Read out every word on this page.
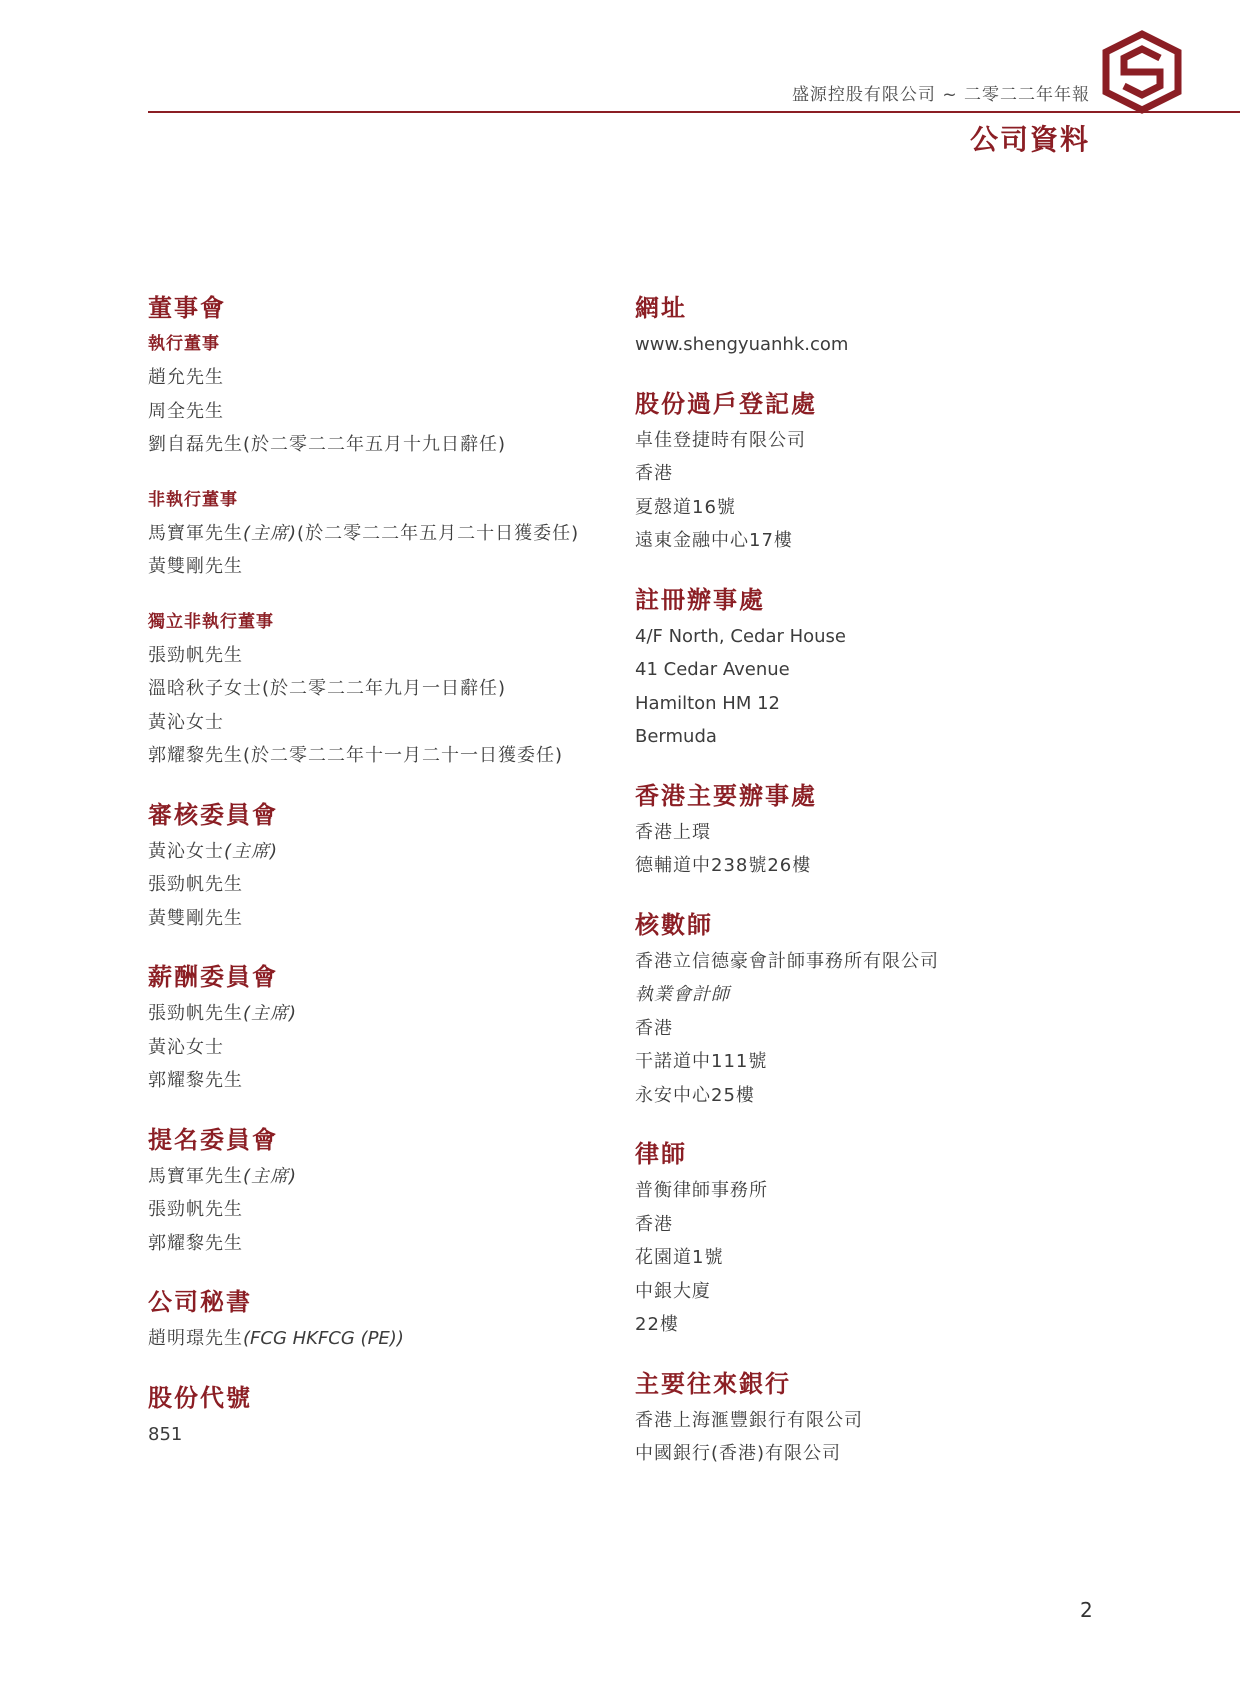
盛源控股有限公司 ~ 二零二二年年報
公司資料
董事會
執行董事
趙允先生
周全先生
劉自磊先生(於二零二二年五月十九日辭任)
非執行董事
馬寶軍先生(主席)(於二零二二年五月二十日獲委任)
黃雙剛先生
獨立非執行董事
張勁帆先生
溫晗秋子女士(於二零二二年九月一日辭任)
黃沁女士
郭耀黎先生(於二零二二年十一月二十一日獲委任)
審核委員會
黃沁女士(主席)
張勁帆先生
黃雙剛先生
薪酬委員會
張勁帆先生(主席)
黃沁女士
郭耀黎先生
提名委員會
馬寶軍先生(主席)
張勁帆先生
郭耀黎先生
公司秘書
趙明璟先生(FCG HKFCG (PE))
股份代號
851
網址
www.shengyuanhk.com
股份過戶登記處
卓佳登捷時有限公司
香港
夏慤道16號
遠東金融中心17樓
註冊辦事處
4/F North, Cedar House
41 Cedar Avenue
Hamilton HM 12
Bermuda
香港主要辦事處
香港上環
德輔道中238號26樓
核數師
香港立信德豪會計師事務所有限公司
執業會計師
香港
干諾道中111號
永安中心25樓
律師
普衡律師事務所
香港
花園道1號
中銀大廈
22樓
主要往來銀行
香港上海滙豐銀行有限公司
中國銀行(香港)有限公司
2
